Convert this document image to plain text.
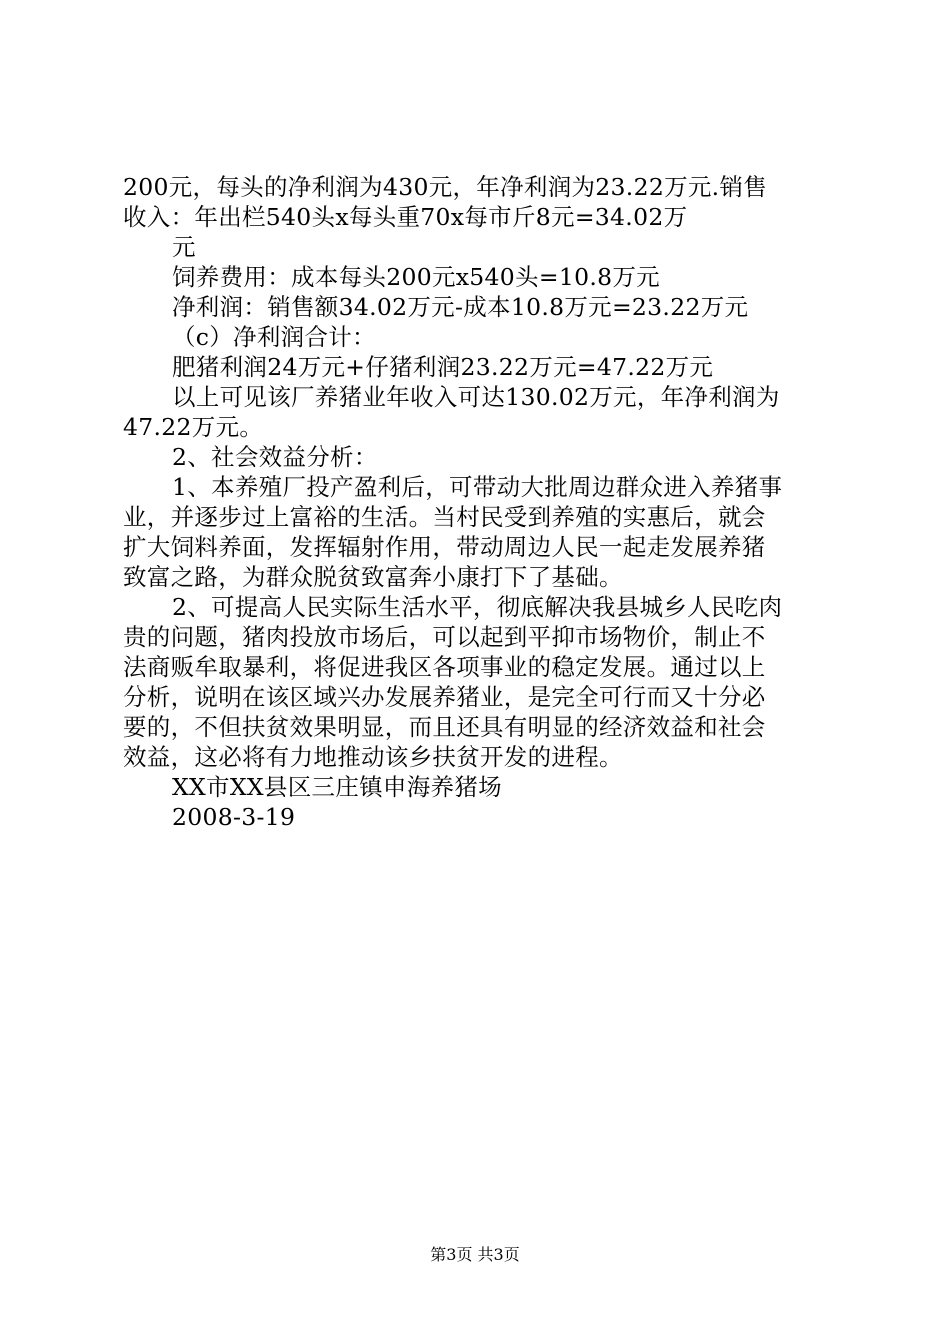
200元，每头的净利润为430元，年净利润为23.22万元.销售
收入：年出栏540头x每头重70x每市斤8元=34.02万
元
饲养费用：成本每头200元x540头=10.8万元
净利润：销售额34.02万元-成本10.8万元=23.22万元
（c）净利润合计：
肥猪利润24万元+仔猪利润23.22万元=47.22万元
以上可见该厂养猪业年收入可达130.02万元，年净利润为
47.22万元。
2、社会效益分析：
1、本养殖厂投产盈利后，可带动大批周边群众进入养猪事
业，并逐步过上富裕的生活。当村民受到养殖的实惠后，就会
扩大饲料养面，发挥辐射作用，带动周边人民一起走发展养猪
致富之路，为群众脱贫致富奔小康打下了基础。
2、可提高人民实际生活水平，彻底解决我县城乡人民吃肉
贵的问题，猪肉投放市场后，可以起到平抑市场物价，制止不
法商贩牟取暴利，将促进我区各项事业的稳定发展。通过以上
分析，说明在该区域兴办发展养猪业，是完全可行而又十分必
要的，不但扶贫效果明显，而且还具有明显的经济效益和社会
效益，这必将有力地推动该乡扶贫开发的进程。
XX市XX县区三庄镇申海养猪场
2008-3-19
第3页 共3页
